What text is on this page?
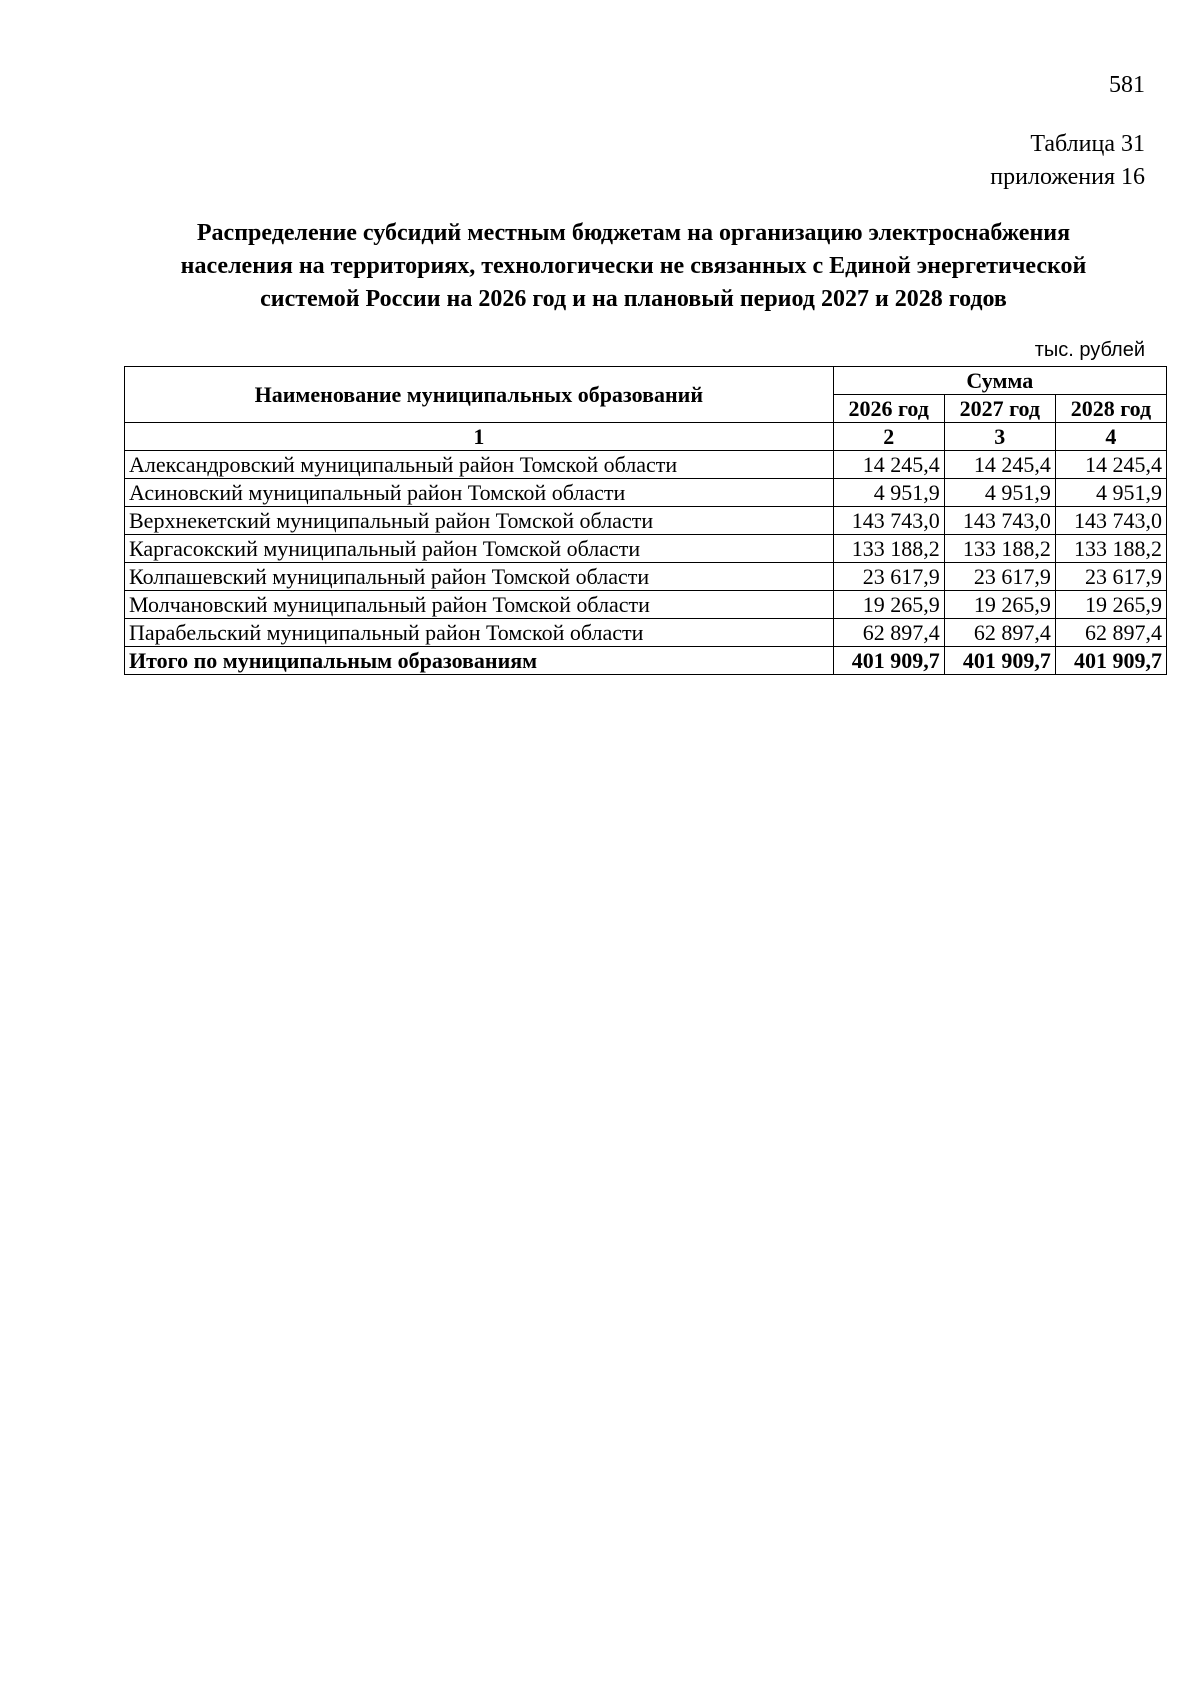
581
Таблица 31
приложения 16
Распределение субсидий местным бюджетам на организацию электроснабжения
населения на территориях, технологически не связанных с Единой энергетической
системой России на 2026 год и на плановый период 2027 и 2028 годов
тыс. рублей
Наименование муниципальных образований	Сумма		
	2026 год	2027 год	2028 год
1	2	3	4
Александровский муниципальный район Томской области	14 245,4	14 245,4	14 245,4
Асиновский муниципальный район Томской области	4 951,9	4 951,9	4 951,9
Верхнекетский муниципальный район Томской области	143 743,0	143 743,0	143 743,0
Каргасокский муниципальный район Томской области	133 188,2	133 188,2	133 188,2
Колпашевский муниципальный район Томской области	23 617,9	23 617,9	23 617,9
Молчановский муниципальный район Томской области	19 265,9	19 265,9	19 265,9
Парабельский муниципальный район Томской области	62 897,4	62 897,4	62 897,4
Итого по муниципальным образованиям	401 909,7	401 909,7	401 909,7
